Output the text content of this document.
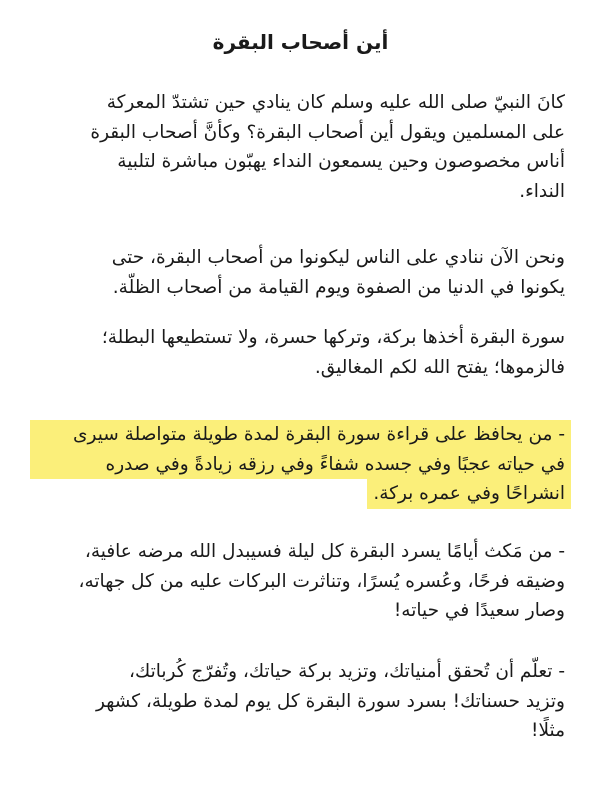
أين أصحاب البقرة

كانَ النبيّ صلى الله عليه وسلم كان ينادي حين تشتدّ المعركة
على المسلمين ويقول أين أصحاب البقرة؟ وكأنَّ أصحاب البقرة
أناس مخصوصون وحين يسمعون النداء يهبّون مباشرة لتلبية
النداء.

ونحن الآن ننادي على الناس ليكونوا من أصحاب البقرة، حتى
يكونوا في الدنيا من الصفوة ويوم القيامة من أصحاب الظلّة.

سورة البقرة أخذها بركة، وتركها حسرة، ولا تستطيعها البطلة؛
فالزموها؛ يفتح الله لكم المغاليق.

- من يحافظ على قراءة سورة البقرة لمدة طويلة متواصلة سيرى
في حياته عجبًا وفي جسده شفاءً وفي رزقه زيادةً وفي صدره
انشراحًا وفي عمره بركة.

- من مَكث أيامًا يسرد البقرة كل ليلة فسيبدل الله مرضه عافية،
وضيقه فرحًا، وعُسره يُسرًا، وتناثرت البركات عليه من كل جهاته،
وصار سعيدًا في حياته!

- تعلّم أن تُحقق أمنياتك، وتزيد بركة حياتك، وتُفرّج كُرباتك،
وتزيد حسناتك! بسرد سورة البقرة كل يوم لمدة طويلة، كشهر
مثلًا!
